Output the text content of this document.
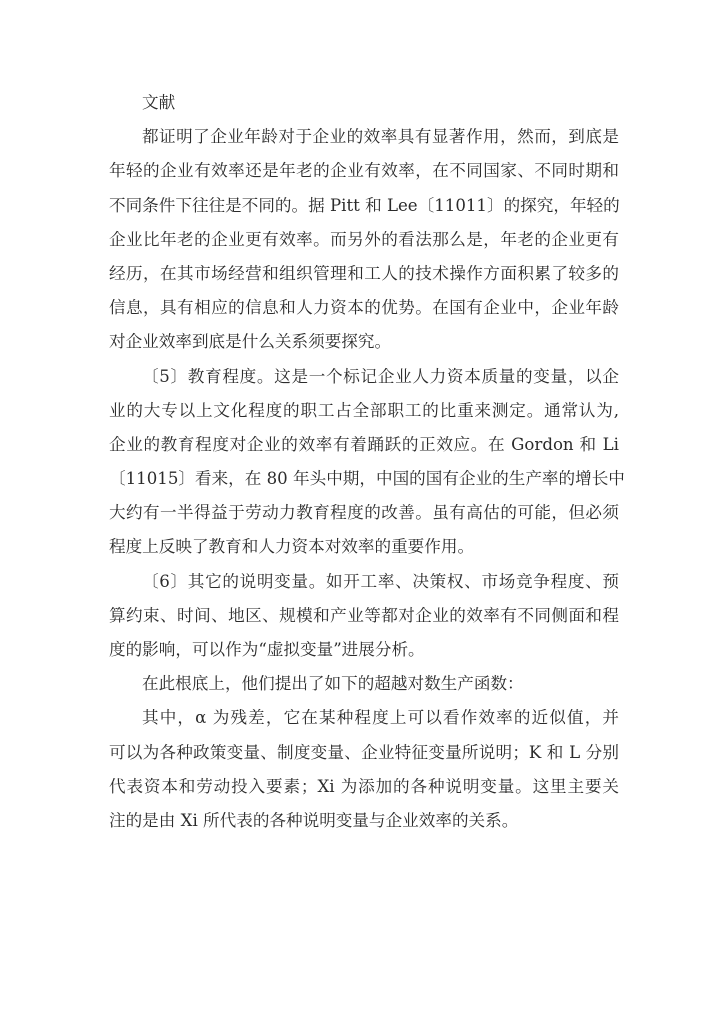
文献
都证明了企业年龄对于企业的效率具有显著作用，然而，到底是
年轻的企业有效率还是年老的企业有效率，在不同国家、不同时期和
不同条件下往往是不同的。据 Pitt 和 Lee〔11011〕的探究，年轻的
企业比年老的企业更有效率。而另外的看法那么是，年老的企业更有
经历，在其市场经营和组织管理和工人的技术操作方面积累了较多的
信息，具有相应的信息和人力资本的优势。在国有企业中，企业年龄
对企业效率到底是什么关系须要探究。
〔5〕教育程度。这是一个标记企业人力资本质量的变量，以企
业的大专以上文化程度的职工占全部职工的比重来测定。通常认为,
企业的教育程度对企业的效率有着踊跃的正效应。在 Gordon 和 Li
〔11015〕看来，在 80 年头中期，中国的国有企业的生产率的增长中
大约有一半得益于劳动力教育程度的改善。虽有高估的可能，但必须
程度上反映了教育和人力资本对效率的重要作用。
〔6〕其它的说明变量。如开工率、决策权、市场竞争程度、预
算约束、时间、地区、规模和产业等都对企业的效率有不同侧面和程
度的影响，可以作为“虚拟变量”进展分析。
在此根底上，他们提出了如下的超越对数生产函数：
其中，α 为残差，它在某种程度上可以看作效率的近似值，并
可以为各种政策变量、制度变量、企业特征变量所说明；K 和 L 分别
代表资本和劳动投入要素；Xi 为添加的各种说明变量。这里主要关
注的是由 Xi 所代表的各种说明变量与企业效率的关系。
